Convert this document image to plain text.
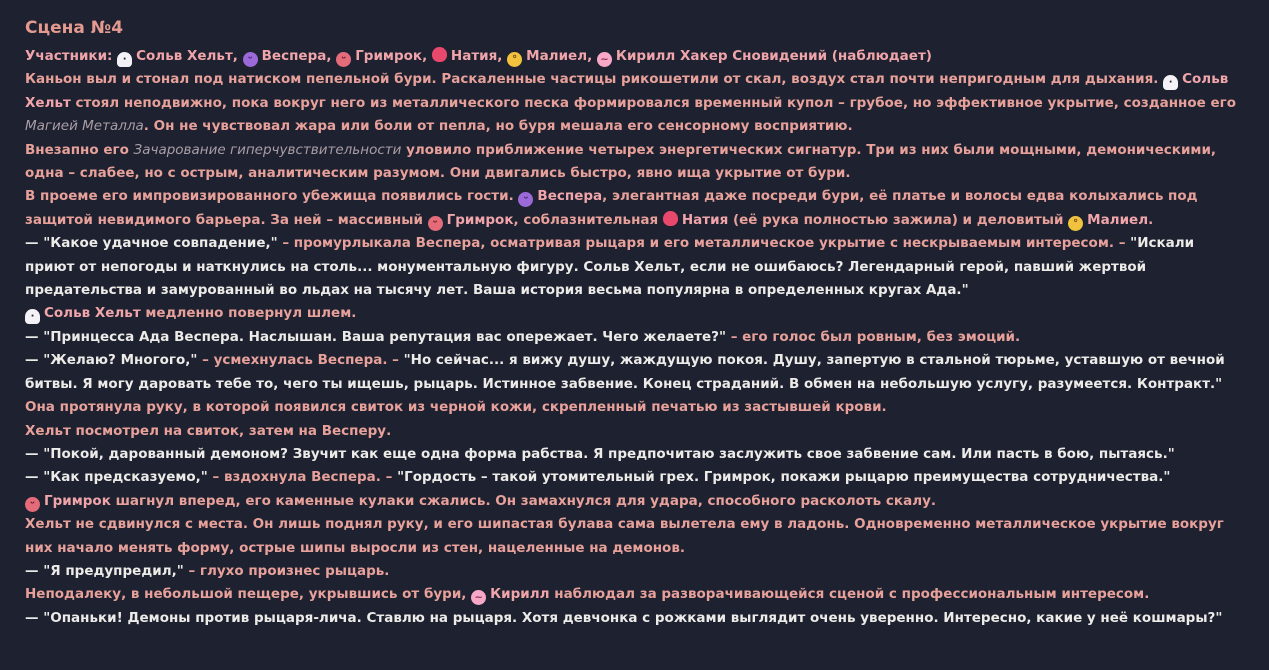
Сцена №4

Участники: · Сольв Хельт, ᵕ Веспера, ᵕ Гримрок, Натия, ° Малиел, ~ Кирилл Хакер Сновидений (наблюдает)

Каньон выл и стонал под натиском пепельной бури. Раскаленные частицы рикошетили от скал, воздух стал почти непригодным для дыхания. · Сольв Хельт стоял неподвижно, пока вокруг него из металлического песка формировался временный купол – грубое, но эффективное укрытие, созданное его Магией Металла. Он не чувствовал жара или боли от пепла, но буря мешала его сенсорному восприятию.

Внезапно его Зачарование гиперчувствительности уловило приближение четырех энергетических сигнатур. Три из них были мощными, демоническими, одна – слабее, но с острым, аналитическим разумом. Они двигались быстро, явно ища укрытие от бури.

В проеме его импровизированного убежища появились гости. ᵕ Веспера, элегантная даже посреди бури, её платье и волосы едва колыхались под защитой невидимого барьера. За ней – массивный ᵕ Гримрок, соблазнительная Натия (её рука полностью зажила) и деловитый ° Малиел.

— "Какое удачное совпадение," – промурлыкала Веспера, осматривая рыцаря и его металлическое укрытие с нескрываемым интересом. – "Искали приют от непогоды и наткнулись на столь... монументальную фигуру. Сольв Хельт, если не ошибаюсь? Легендарный герой, павший жертвой предательства и замурованный во льдах на тысячу лет. Ваша история весьма популярна в определенных кругах Ада."

· Сольв Хельт медленно повернул шлем.

— "Принцесса Ада Веспера. Наслышан. Ваша репутация вас опережает. Чего желаете?" – его голос был ровным, без эмоций.

— "Желаю? Многого," – усмехнулась Веспера. – "Но сейчас... я вижу душу, жаждущую покоя. Душу, запертую в стальной тюрьме, уставшую от вечной битвы. Я могу даровать тебе то, чего ты ищешь, рыцарь. Истинное забвение. Конец страданий. В обмен на небольшую услугу, разумеется. Контракт."

Она протянула руку, в которой появился свиток из черной кожи, скрепленный печатью из застывшей крови.

Хельт посмотрел на свиток, затем на Весперу.

— "Покой, дарованный демоном? Звучит как еще одна форма рабства. Я предпочитаю заслужить свое забвение сам. Или пасть в бою, пытаясь."

— "Как предсказуемо," – вздохнула Веспера. – "Гордость – такой утомительный грех. Гримрок, покажи рыцарю преимущества сотрудничества."

ᵕ Гримрок шагнул вперед, его каменные кулаки сжались. Он замахнулся для удара, способного расколоть скалу.

Хельт не сдвинулся с места. Он лишь поднял руку, и его шипастая булава сама вылетела ему в ладонь. Одновременно металлическое укрытие вокруг них начало менять форму, острые шипы выросли из стен, нацеленные на демонов.

— "Я предупредил," – глухо произнес рыцарь.

Неподалеку, в небольшой пещере, укрывшись от бури, ~ Кирилл наблюдал за разворачивающейся сценой с профессиональным интересом.

— "Опаньки! Демоны против рыцаря-лича. Ставлю на рыцаря. Хотя девчонка с рожками выглядит очень уверенно. Интересно, какие у неё кошмары?"
